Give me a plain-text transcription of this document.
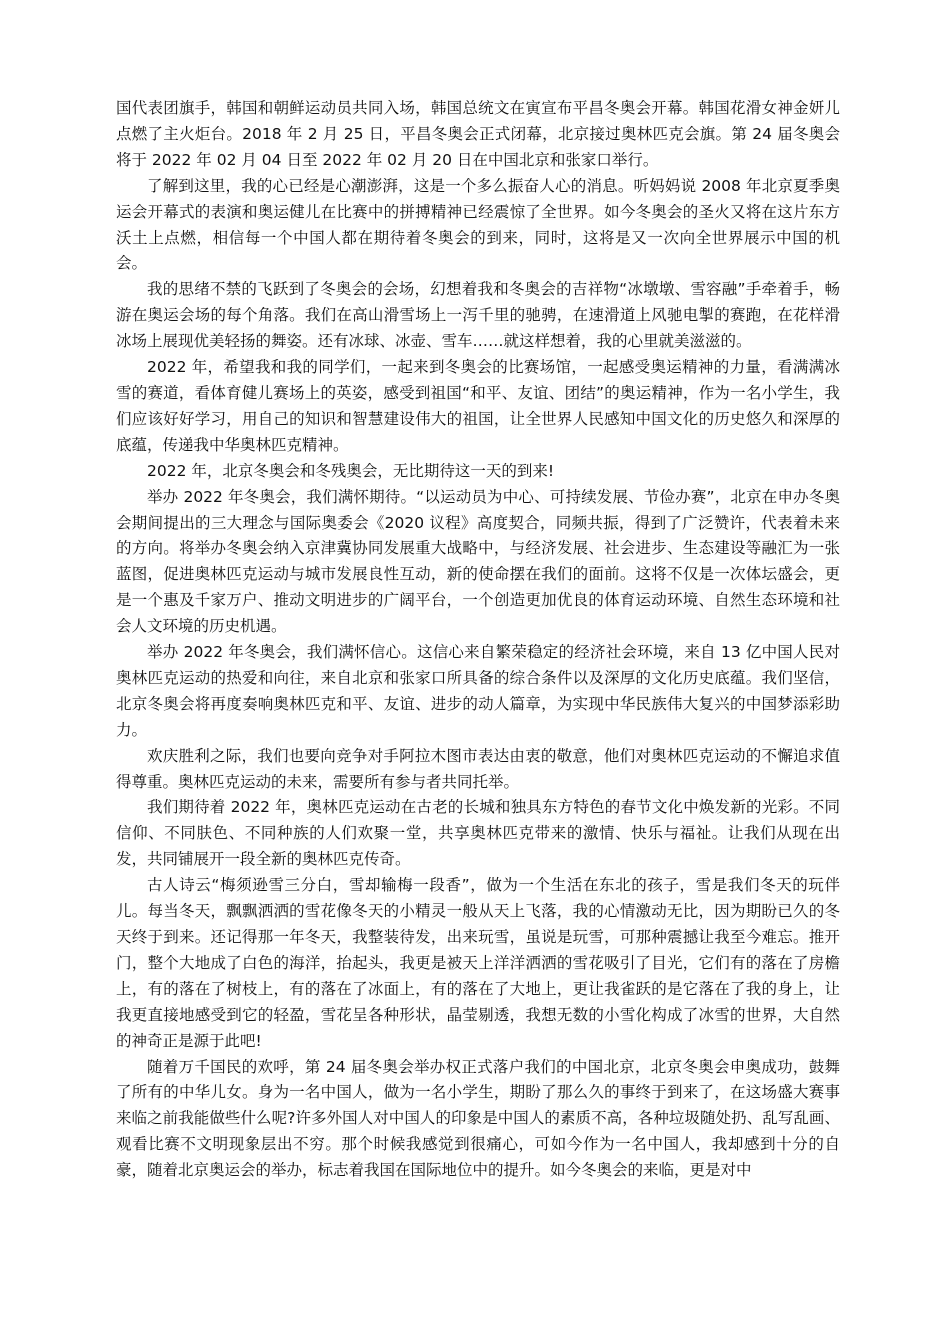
国代表团旗手，韩国和朝鲜运动员共同入场，韩国总统文在寅宣布平昌冬奥会开幕。韩国花滑女神金妍儿点燃了主火炬台。2018 年 2 月 25 日，平昌冬奥会正式闭幕，北京接过奥林匹克会旗。第 24 届冬奥会将于 2022 年 02 月 04 日至 2022 年 02 月 20 日在中国北京和张家口举行。

了解到这里，我的心已经是心潮澎湃，这是一个多么振奋人心的消息。听妈妈说 2008 年北京夏季奥运会开幕式的表演和奥运健儿在比赛中的拼搏精神已经震惊了全世界。如今冬奥会的圣火又将在这片东方沃土上点燃，相信每一个中国人都在期待着冬奥会的到来，同时，这将是又一次向全世界展示中国的机会。

我的思绪不禁的飞跃到了冬奥会的会场，幻想着我和冬奥会的吉祥物“冰墩墩、雪容融”手牵着手，畅游在奥运会场的每个角落。我们在高山滑雪场上一泻千里的驰骋，在速滑道上风驰电掣的赛跑，在花样滑冰场上展现优美轻扬的舞姿。还有冰球、冰壶、雪车……就这样想着，我的心里就美滋滋的。

2022 年，希望我和我的同学们，一起来到冬奥会的比赛场馆，一起感受奥运精神的力量，看满满冰雪的赛道，看体育健儿赛场上的英姿，感受到祖国“和平、友谊、团结”的奥运精神，作为一名小学生，我们应该好好学习，用自己的知识和智慧建设伟大的祖国，让全世界人民感知中国文化的历史悠久和深厚的底蕴，传递我中华奥林匹克精神。

2022 年，北京冬奥会和冬残奥会，无比期待这一天的到来!

举办 2022 年冬奥会，我们满怀期待。“以运动员为中心、可持续发展、节俭办赛”，北京在申办冬奥会期间提出的三大理念与国际奥委会《2020 议程》高度契合，同频共振，得到了广泛赞许，代表着未来的方向。将举办冬奥会纳入京津冀协同发展重大战略中，与经济发展、社会进步、生态建设等融汇为一张蓝图，促进奥林匹克运动与城市发展良性互动，新的使命摆在我们的面前。这将不仅是一次体坛盛会，更是一个惠及千家万户、推动文明进步的广阔平台，一个创造更加优良的体育运动环境、自然生态环境和社会人文环境的历史机遇。

举办 2022 年冬奥会，我们满怀信心。这信心来自繁荣稳定的经济社会环境，来自 13 亿中国人民对奥林匹克运动的热爱和向往，来自北京和张家口所具备的综合条件以及深厚的文化历史底蕴。我们坚信，北京冬奥会将再度奏响奥林匹克和平、友谊、进步的动人篇章，为实现中华民族伟大复兴的中国梦添彩助力。

欢庆胜利之际，我们也要向竞争对手阿拉木图市表达由衷的敬意，他们对奥林匹克运动的不懈追求值得尊重。奥林匹克运动的未来，需要所有参与者共同托举。

我们期待着 2022 年，奥林匹克运动在古老的长城和独具东方特色的春节文化中焕发新的光彩。不同信仰、不同肤色、不同种族的人们欢聚一堂，共享奥林匹克带来的激情、快乐与福祉。让我们从现在出发，共同铺展开一段全新的奥林匹克传奇。

古人诗云“梅须逊雪三分白，雪却输梅一段香”，做为一个生活在东北的孩子，雪是我们冬天的玩伴儿。每当冬天，飘飘洒洒的雪花像冬天的小精灵一般从天上飞落，我的心情激动无比，因为期盼已久的冬天终于到来。还记得那一年冬天，我整装待发，出来玩雪，虽说是玩雪，可那种震撼让我至今难忘。推开门，整个大地成了白色的海洋，抬起头，我更是被天上洋洋洒洒的雪花吸引了目光，它们有的落在了房檐上，有的落在了树枝上，有的落在了冰面上，有的落在了大地上，更让我雀跃的是它落在了我的身上，让我更直接地感受到它的轻盈，雪花呈各种形状，晶莹剔透，我想无数的小雪化构成了冰雪的世界，大自然的神奇正是源于此吧!

随着万千国民的欢呼，第 24 届冬奥会举办权正式落户我们的中国北京，北京冬奥会申奥成功，鼓舞了所有的中华儿女。身为一名中国人，做为一名小学生，期盼了那么久的事终于到来了，在这场盛大赛事来临之前我能做些什么呢?许多外国人对中国人的印象是中国人的素质不高，各种垃圾随处扔、乱写乱画、观看比赛不文明现象层出不穷。那个时候我感觉到很痛心，可如今作为一名中国人，我却感到十分的自豪，随着北京奥运会的举办，标志着我国在国际地位中的提升。如今冬奥会的来临，更是对中
